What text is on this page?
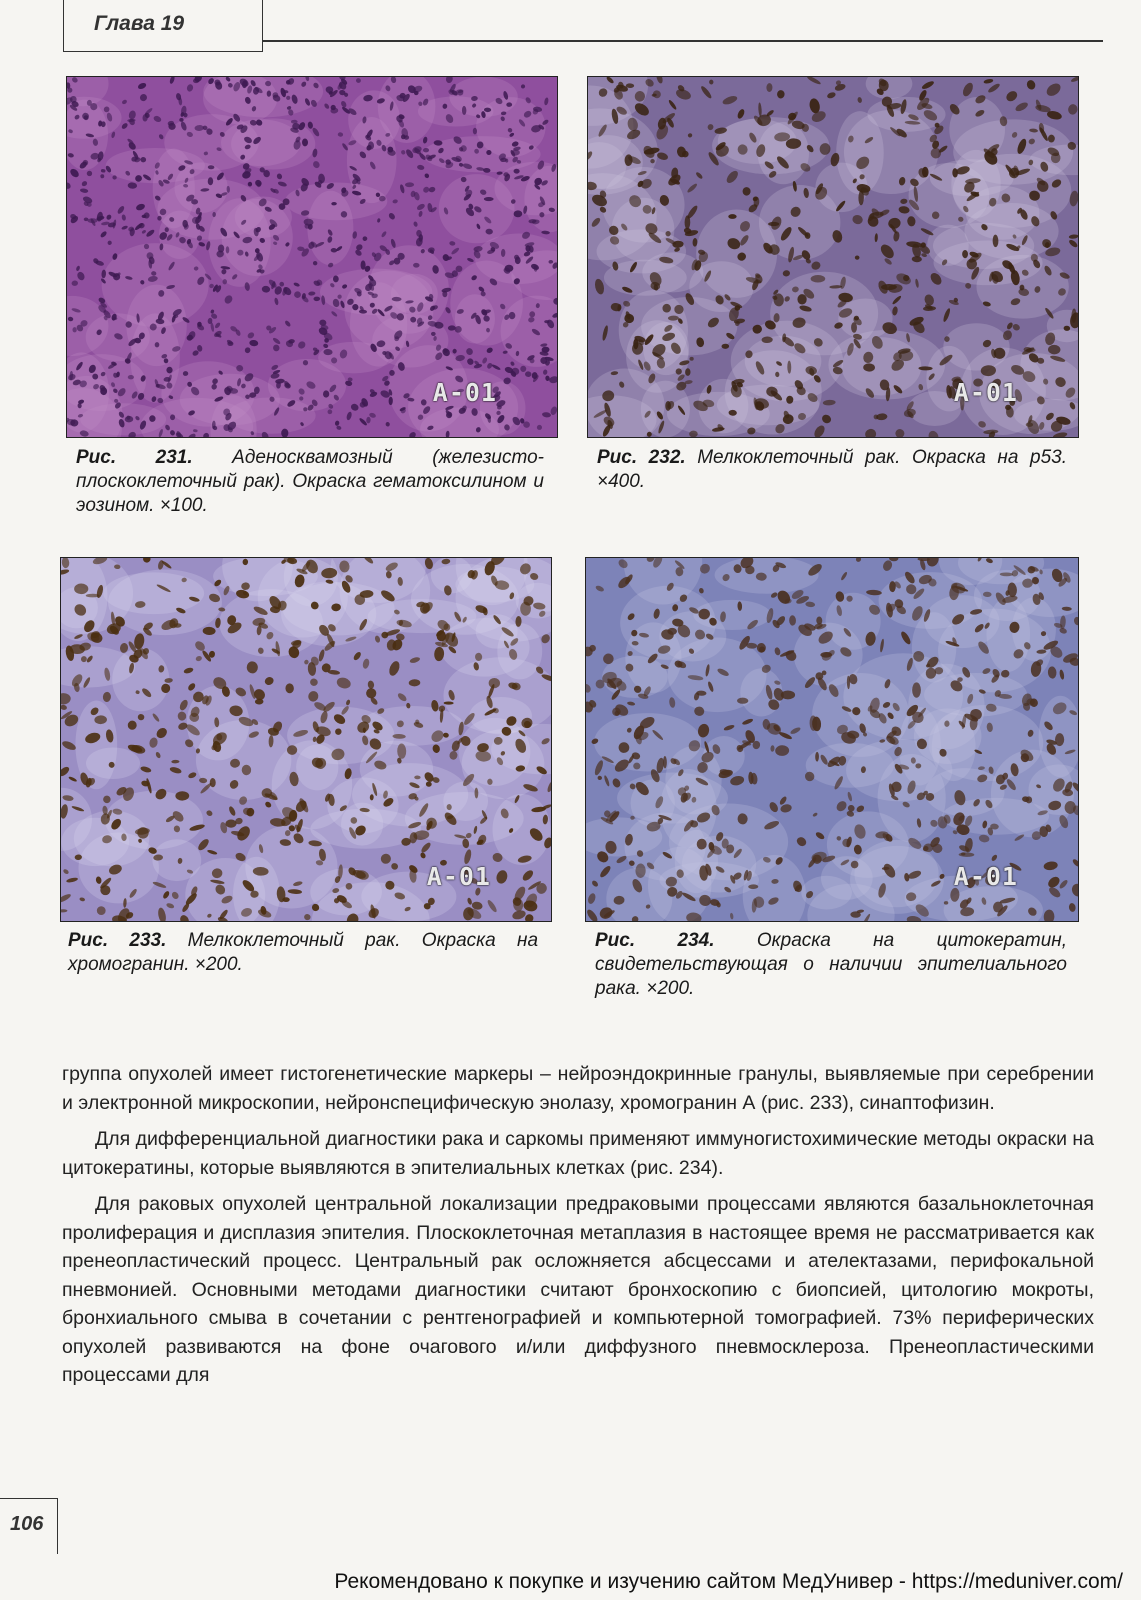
Глава 19
A-01
Рис. 231. Аденосквамозный (железисто-плоскоклеточный рак). Окраска гематоксилином и эозином. ×100.
A-01
Рис. 232. Мелкоклеточный рак. Окраска на p53. ×400.
A-01
Рис. 233. Мелкоклеточный рак. Окраска на хромогранин. ×200.
A-01
Рис. 234. Окраска на цитокератин, свидетельствующая о наличии эпителиального рака. ×200.

группа опухолей имеет гистогенетические маркеры – нейроэндокринные гранулы, выявляемые при серебрении и электронной микроскопии, нейронспецифическую энолазу, хромогранин А (рис. 233), синаптофизин.

Для дифференциальной диагностики рака и саркомы применяют иммуногистохимические методы окраски на цитокератины, которые выявляются в эпителиальных клетках (рис. 234).

Для раковых опухолей центральной локализации предраковыми процессами являются базальноклеточная пролиферация и дисплазия эпителия. Плоскоклеточная метаплазия в настоящее время не рассматривается как пренеопластический процесс. Центральный рак осложняется абсцессами и ателектазами, перифокальной пневмонией. Основными методами диагностики считают бронхоскопию с биопсией, цитологию мокроты, бронхиального смыва в сочетании с рентгенографией и компьютерной томографией. 73% периферических опухолей развиваются на фоне очагового и/или диффузного пневмосклероза. Пренеопластическими процессами для

106
Рекомендовано к покупке и изучению сайтом МедУнивер - https://meduniver.com/
